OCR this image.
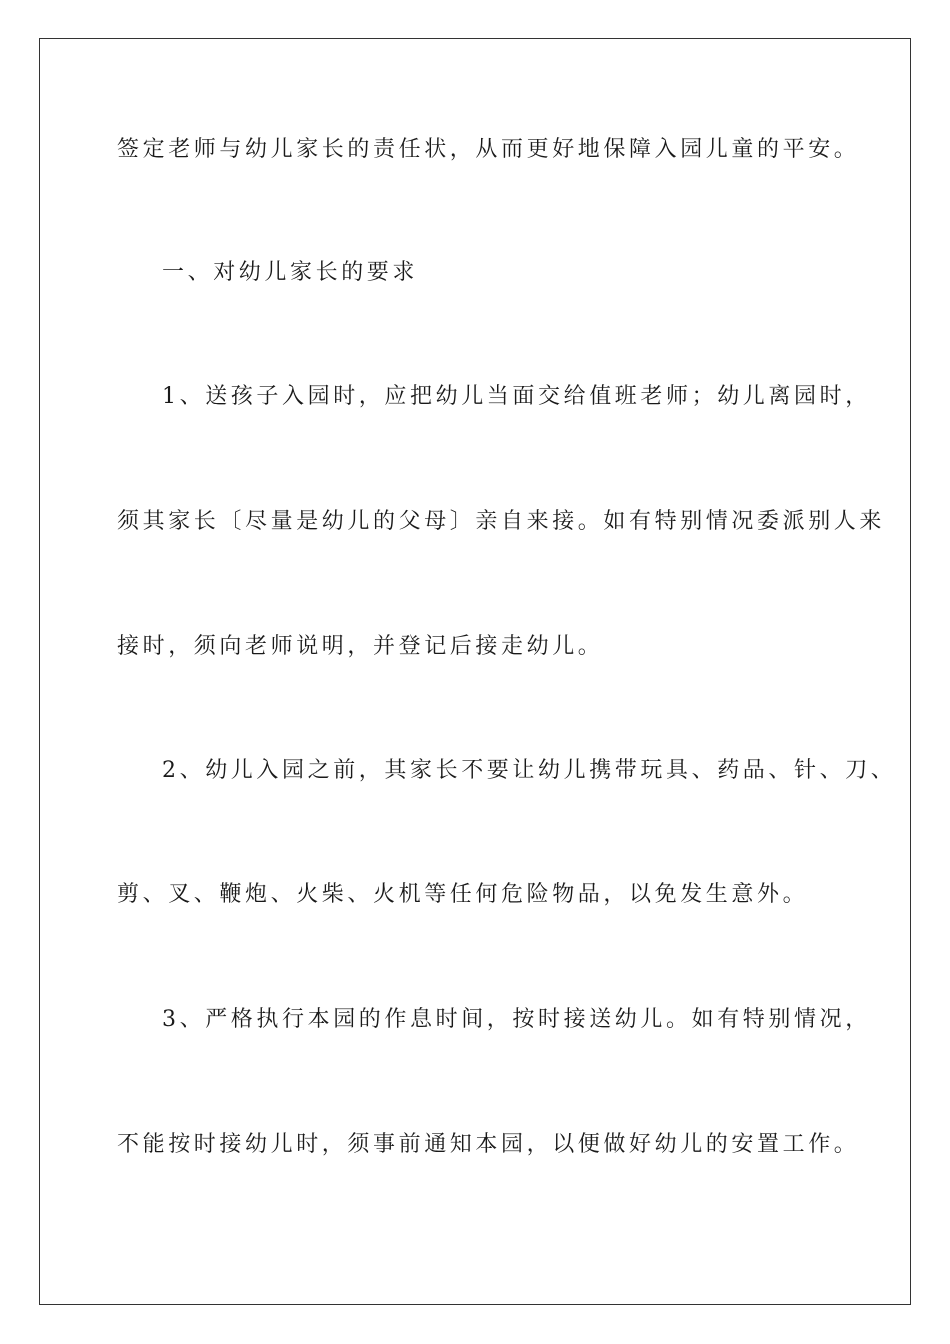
签定老师与幼儿家长的责任状，从而更好地保障入园儿童的平安。

一、对幼儿家长的要求

1、送孩子入园时，应把幼儿当面交给值班老师；幼儿离园时，

须其家长〔尽量是幼儿的父母〕亲自来接。如有特别情况委派别人来

接时，须向老师说明，并登记后接走幼儿。

2、幼儿入园之前，其家长不要让幼儿携带玩具、药品、针、刀、

剪、叉、鞭炮、火柴、火机等任何危险物品，以免发生意外。

3、严格执行本园的作息时间，按时接送幼儿。如有特别情况，

不能按时接幼儿时，须事前通知本园，以便做好幼儿的安置工作。
